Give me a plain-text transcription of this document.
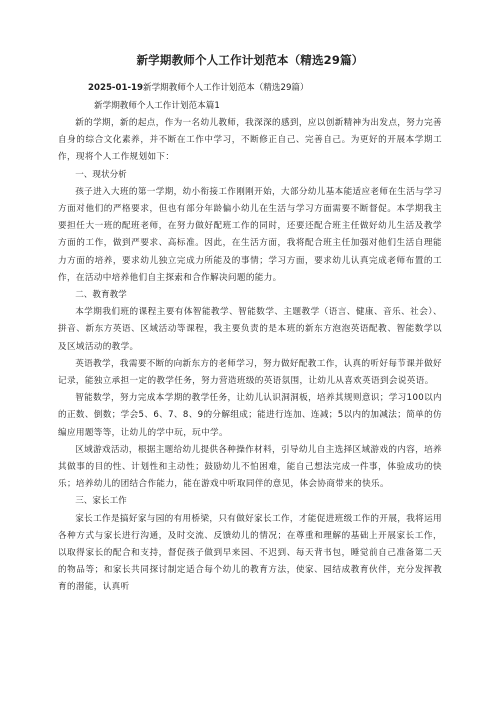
新学期教师个人工作计划范本（精选29篇）
2025-01-19新学期教师个人工作计划范本（精选29篇）
新学期教师个人工作计划范本篇1

新的学期，新的起点，作为一名幼儿教师，我深深的感到，应以创新精神为出发点，努力完善自身的综合文化素养，并不断在工作中学习，不断修正自己、完善自己。为更好的开展本学期工作，现将个人工作规划如下：

一、现状分析

孩子进入大班的第一学期，幼小衔接工作刚刚开始，大部分幼儿基本能适应老师在生活与学习方面对他们的严格要求，但也有部分年龄偏小幼儿在生活与学习方面需要不断督促。本学期我主要担任大一班的配班老师，在努力做好配班工作的同时，还要还配合班主任做好幼儿生活及教学方面的工作，做到严要求、高标准。因此，在生活方面，我将配合班主任加强对他们生活自理能力方面的培养，要求幼儿独立完成力所能及的事情；学习方面，要求幼儿认真完成老师布置的工作，在活动中培养他们自主探索和合作解决问题的能力。

二、教育教学

本学期我们班的课程主要有体智能教学、智能数学、主题教学（语言、健康、音乐、社会）、拼音、新东方英语、区域活动等课程，我主要负责的是本班的新东方泡泡英语配教、智能数学以及区域活动的教学。

英语教学，我需要不断的向新东方的老师学习，努力做好配教工作，认真的听好每节课并做好记录，能独立承担一定的教学任务，努力营造班级的英语氛围，让幼儿从喜欢英语到会说英语。

智能数学，努力完成本学期的教学任务，让幼儿认识洞洞板，培养其规则意识；学习100以内的正数、倒数；学会5、6、7、8、9的分解组成；能进行连加、连减；5以内的加减法；简单的仿编应用题等等，让幼儿的学中玩，玩中学。

区域游戏活动，根据主题给幼儿提供各种操作材料，引导幼儿自主选择区域游戏的内容，培养其做事的目的性、计划性和主动性；鼓励幼儿不怕困难，能自己想法完成一件事，体验成功的快乐；培养幼儿的团结合作能力，能在游戏中听取同伴的意见，体会协商带来的快乐。

三、家长工作

家长工作是搞好家与园的有用桥梁，只有做好家长工作，才能促进班级工作的开展，我将运用各种方式与家长进行沟通，及时交流、反馈幼儿的情况；在尊重和理解的基础上开展家长工作，以取得家长的配合和支持，督促孩子做到早来园、不迟到、每天背书包，睡觉前自己准备第二天的物品等；和家长共同探讨制定适合每个幼儿的教育方法，使家、园结成教育伙伴，充分发挥教育的潜能，认真听
